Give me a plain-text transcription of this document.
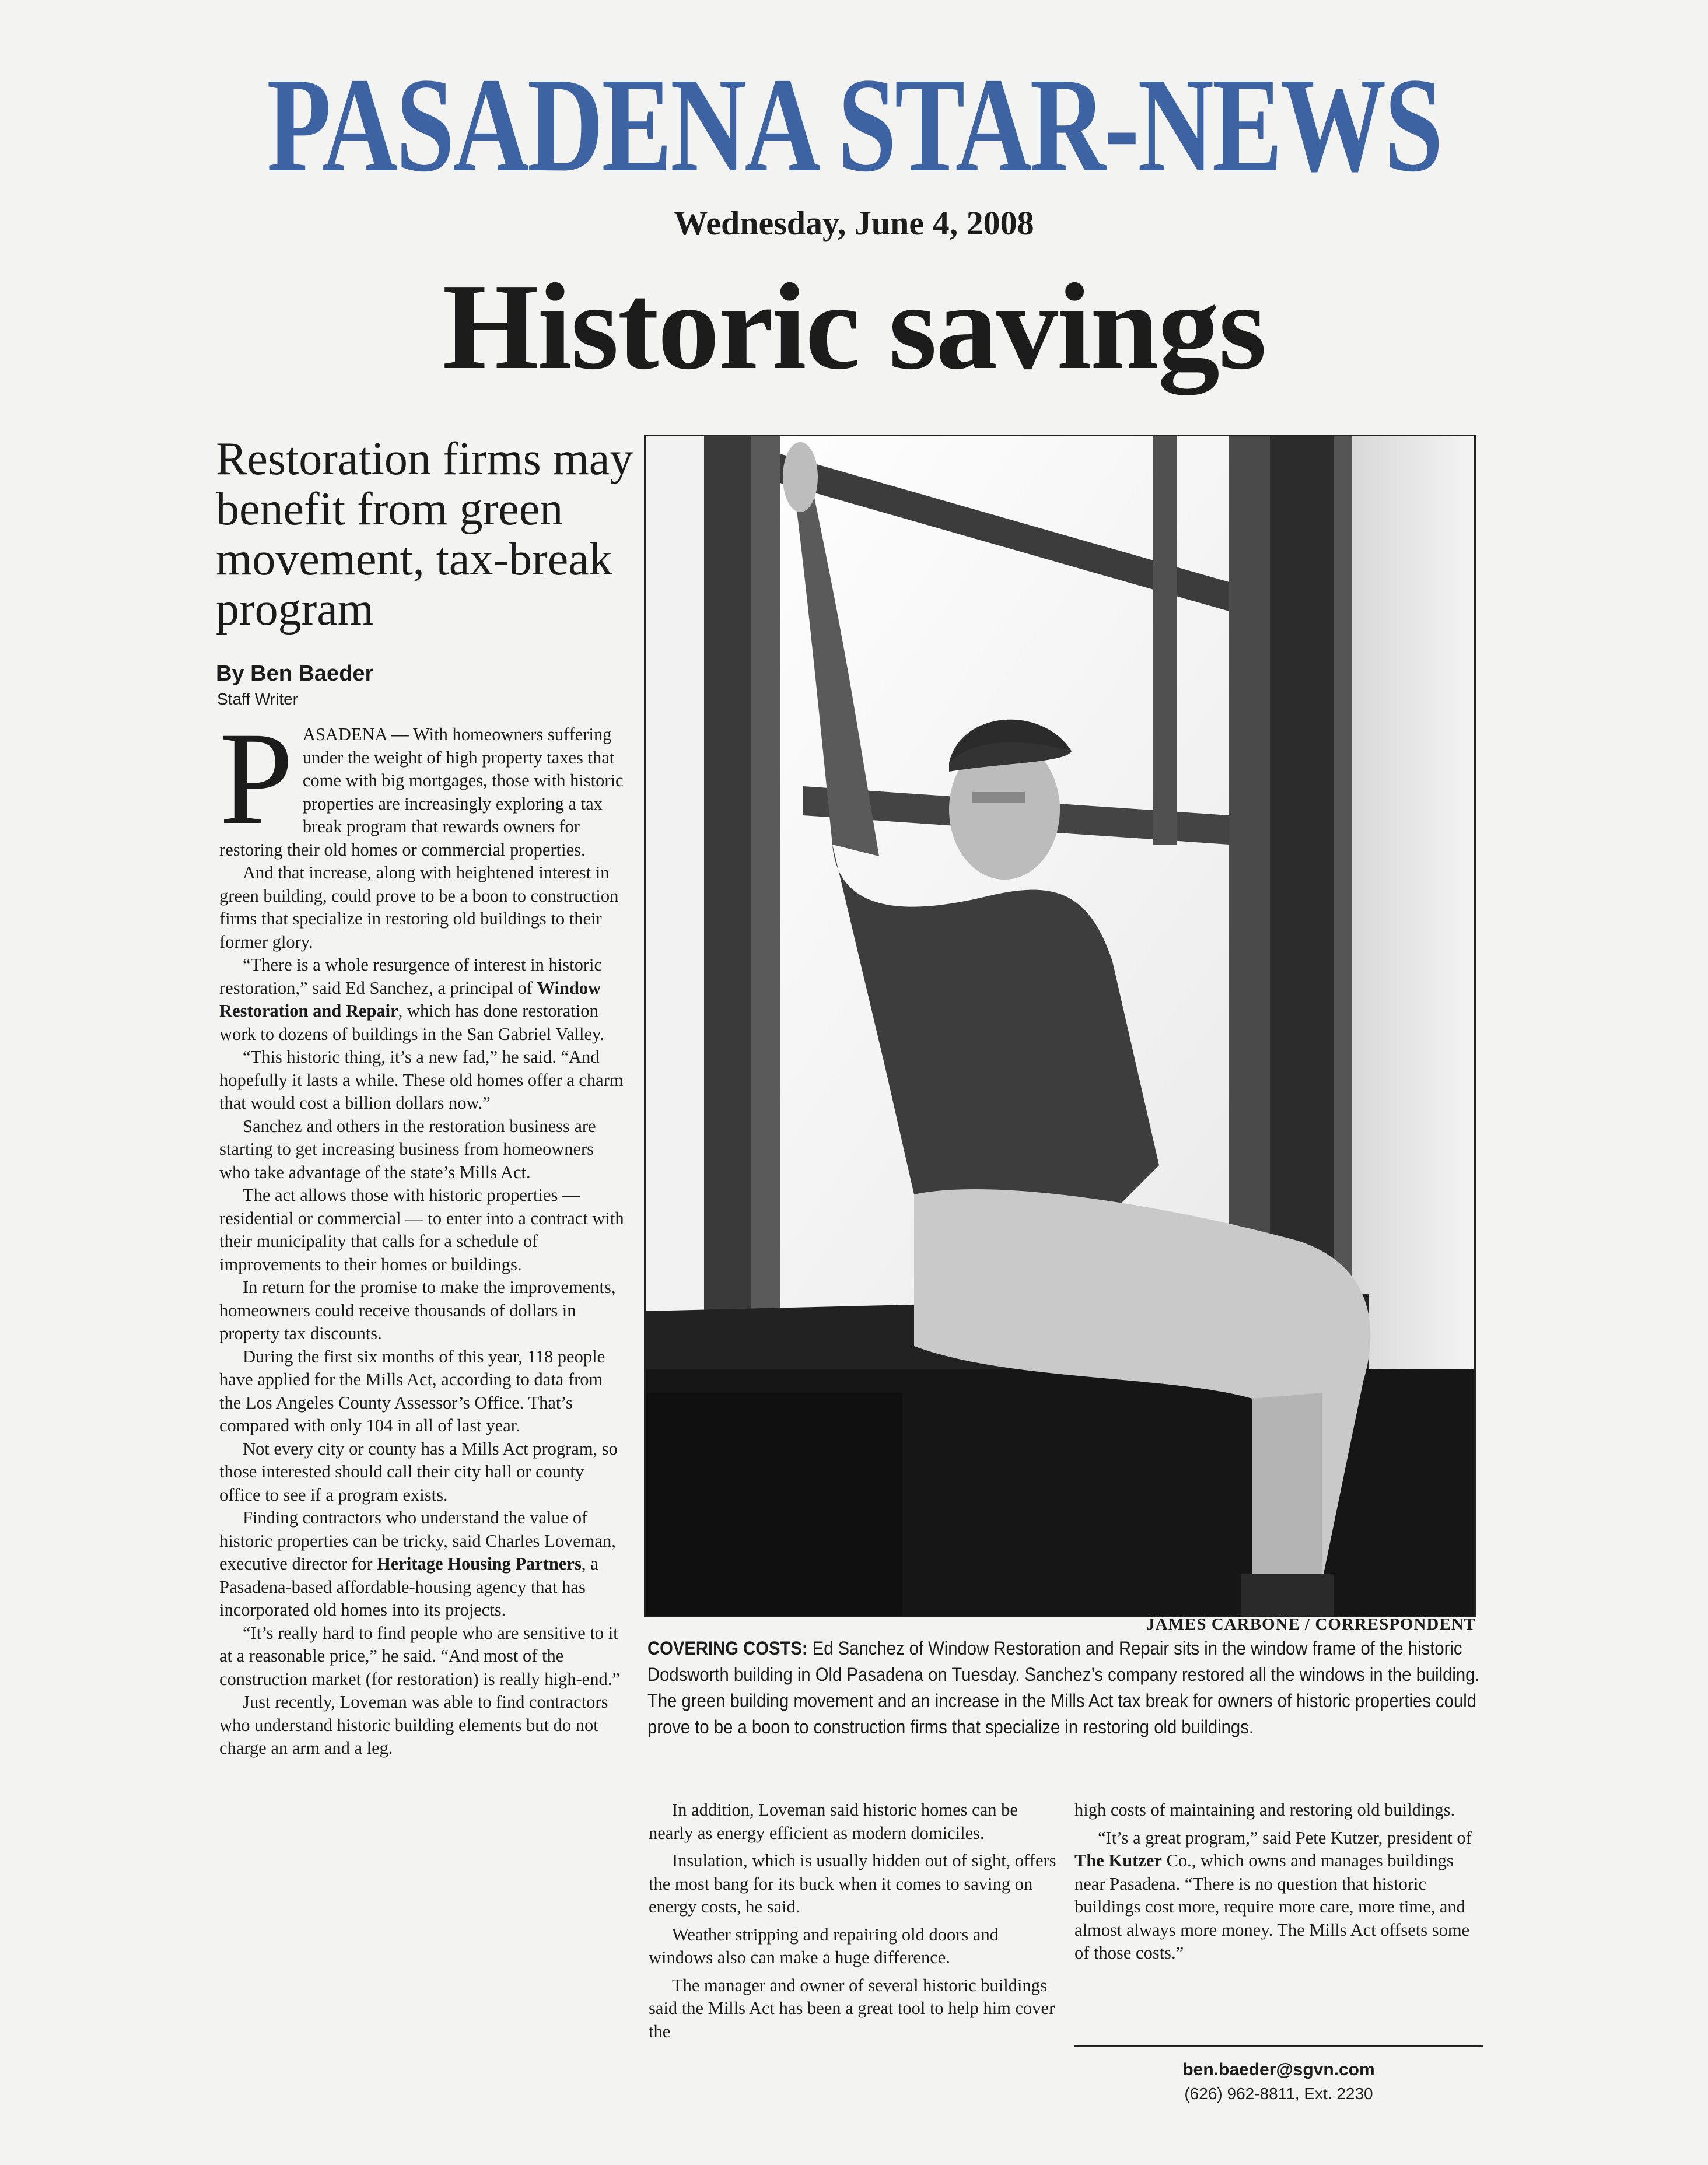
PASADENA STAR-NEWS
Wednesday, June 4, 2008
Historic savings
Restoration firms may benefit from green movement, tax-break program
By Ben Baeder
Staff Writer

PASADENA — With homeowners suffering under the weight of high property taxes that come with big mortgages, those with historic properties are increasingly exploring a tax break program that rewards owners for restoring their old homes or commercial properties.

And that increase, along with heightened interest in green building, could prove to be a boon to construction firms that specialize in restoring old buildings to their former glory.

“There is a whole resurgence of interest in historic restoration,” said Ed Sanchez, a principal of Window Restoration and Repair, which has done restoration work to dozens of buildings in the San Gabriel Valley.

“This historic thing, it’s a new fad,” he said. “And hopefully it lasts a while. These old homes offer a charm that would cost a billion dollars now.”

Sanchez and others in the restoration business are starting to get increasing business from homeowners who take advantage of the state’s Mills Act.

The act allows those with historic properties — residential or commercial — to enter into a contract with their municipality that calls for a schedule of improvements to their homes or buildings.

In return for the promise to make the improvements, homeowners could receive thousands of dollars in property tax discounts.

During the first six months of this year, 118 people have applied for the Mills Act, according to data from the Los Angeles County Assessor’s Office. That’s compared with only 104 in all of last year.

Not every city or county has a Mills Act program, so those interested should call their city hall or county office to see if a program exists.

Finding contractors who understand the value of historic properties can be tricky, said Charles Loveman, executive director for Heritage Housing Partners, a Pasadena-based affordable-housing agency that has incorporated old homes into its projects.

“It’s really hard to find people who are sensitive to it at a reasonable price,” he said. “And most of the construction market (for restoration) is really high-end.”

Just recently, Loveman was able to find contractors who understand historic building elements but do not charge an arm and a leg.

JAMES CARBONE / CORRESPONDENT
COVERING COSTS: Ed Sanchez of Window Restoration and Repair sits in the window frame of the historic Dodsworth building in Old Pasadena on Tuesday. Sanchez’s company restored all the windows in the building. The green building movement and an increase in the Mills Act tax break for owners of historic properties could prove to be a boon to construction firms that specialize in restoring old buildings.

In addition, Loveman said historic homes can be nearly as energy efficient as modern domiciles.

Insulation, which is usually hidden out of sight, offers the most bang for its buck when it comes to saving on energy costs, he said.

Weather stripping and repairing old doors and windows also can make a huge difference.

The manager and owner of several historic buildings said the Mills Act has been a great tool to help him cover the

high costs of maintaining and restoring old buildings.

“It’s a great program,” said Pete Kutzer, president of The Kutzer Co., which owns and manages buildings near Pasadena. “There is no question that historic buildings cost more, require more care, more time, and almost always more money. The Mills Act offsets some of those costs.”

ben.baeder@sgvn.com
(626) 962-8811, Ext. 2230
